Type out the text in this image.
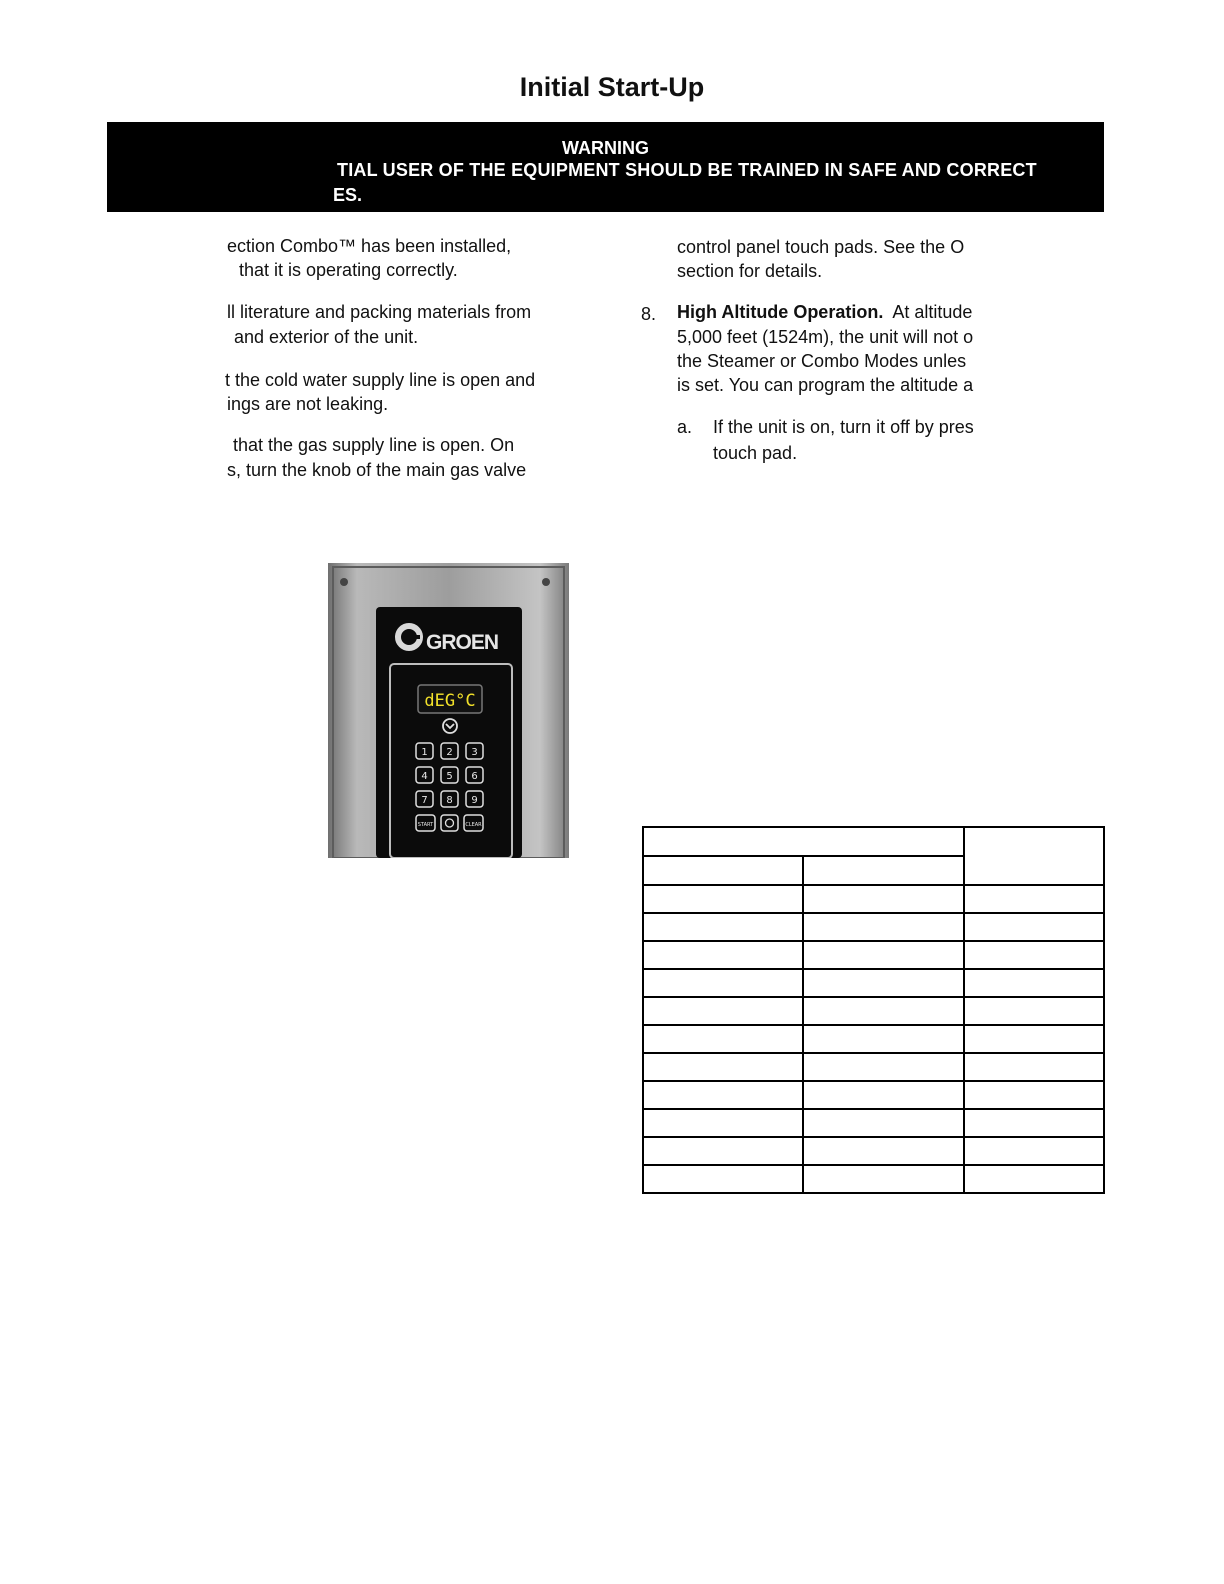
Initial Start-Up
WARNING
TIAL USER OF THE EQUIPMENT SHOULD BE TRAINED IN SAFE AND CORRECT
ES.
ection Combo™ has been installed,
that it is operating correctly.
ll literature and packing materials from
and exterior of the unit.
t the cold water supply line is open and
ings are not leaking.
that the gas supply line is open. On
s, turn the knob of the main gas valve
control panel touch pads. See the O
section for details.
8. High Altitude Operation. At altitude
5,000 feet (1524m), the unit will not o
the Steamer or Combo Modes unles
is set. You can program the altitude a
a. If the unit is on, turn it off by pres
touch pad.
GROEN
dEG°C
1 2 3
4 5 6
7 8 9
START	CLEAR
